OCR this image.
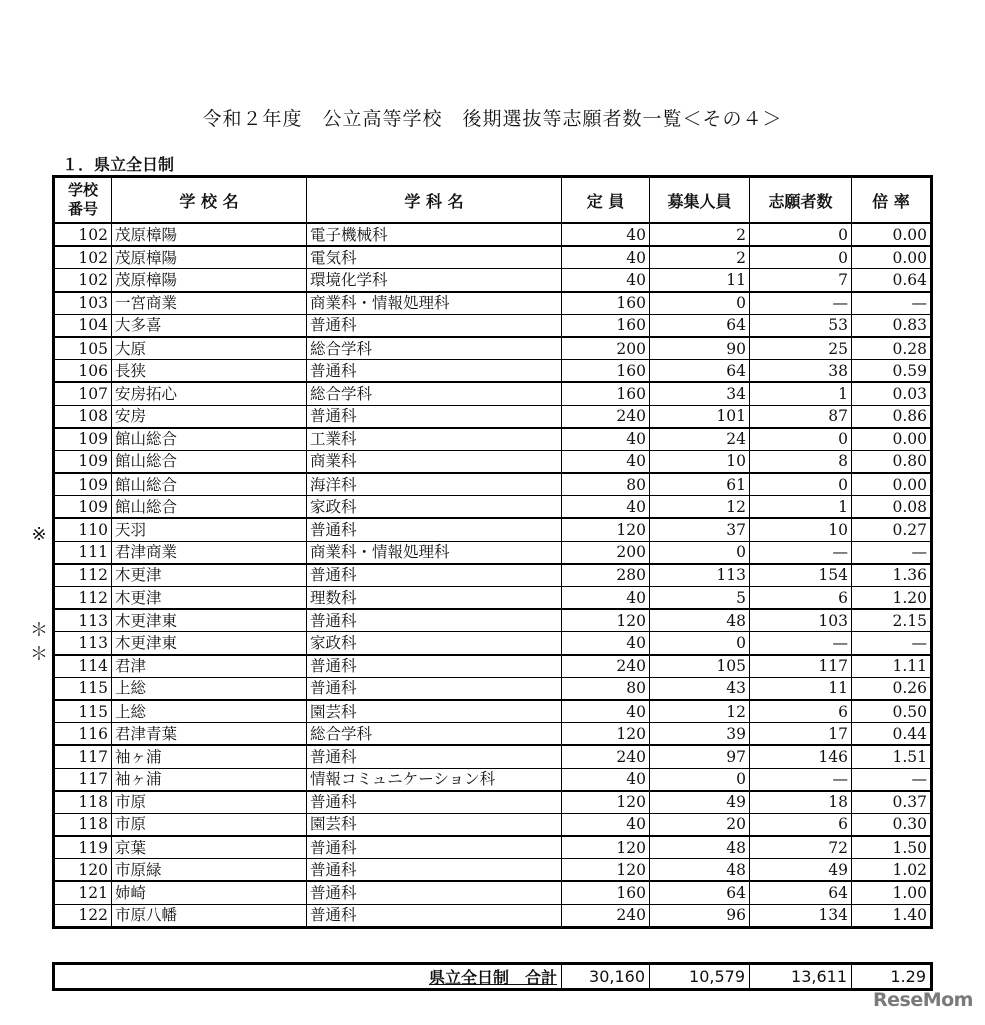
令和２年度　公立高等学校　後期選抜等志願者数一覧＜その４＞
１．県立全日制
学校
番号	学 校 名	学 科 名	定 員	募集人員	志願者数	倍 率
102	茂原樟陽	電子機械科	40	2	0	0.00
102	茂原樟陽	電気科	40	2	0	0.00
102	茂原樟陽	環境化学科	40	11	7	0.64
103	一宮商業	商業科・情報処理科	160	0	—	—
104	大多喜	普通科	160	64	53	0.83
105	大原	総合学科	200	90	25	0.28
106	長狭	普通科	160	64	38	0.59
107	安房拓心	総合学科	160	34	1	0.03
108	安房	普通科	240	101	87	0.86
109	館山総合	工業科	40	24	0	0.00
109	館山総合	商業科	40	10	8	0.80
109	館山総合	海洋科	80	61	0	0.00
109	館山総合	家政科	40	12	1	0.08
110	天羽	普通科	120	37	10	0.27
111	君津商業	商業科・情報処理科	200	0	—	—
112	木更津	普通科	280	113	154	1.36
112	木更津	理数科	40	5	6	1.20
113	木更津東	普通科	120	48	103	2.15
113	木更津東	家政科	40	0	—	—
114	君津	普通科	240	105	117	1.11
115	上総	普通科	80	43	11	0.26
115	上総	園芸科	40	12	6	0.50
116	君津青葉	総合学科	120	39	17	0.44
117	袖ヶ浦	普通科	240	97	146	1.51
117	袖ヶ浦	情報コミュニケーション科	40	0	—	—
118	市原	普通科	120	49	18	0.37
118	市原	園芸科	40	20	6	0.30
119	京葉	普通科	120	48	72	1.50
120	市原緑	普通科	120	48	49	1.02
121	姉崎	普通科	160	64	64	1.00
122	市原八幡	普通科	240	96	134	1.40
※
＊
＊
県立全日制　合計	30,160	10,579	13,611	1.29
ReseMom
